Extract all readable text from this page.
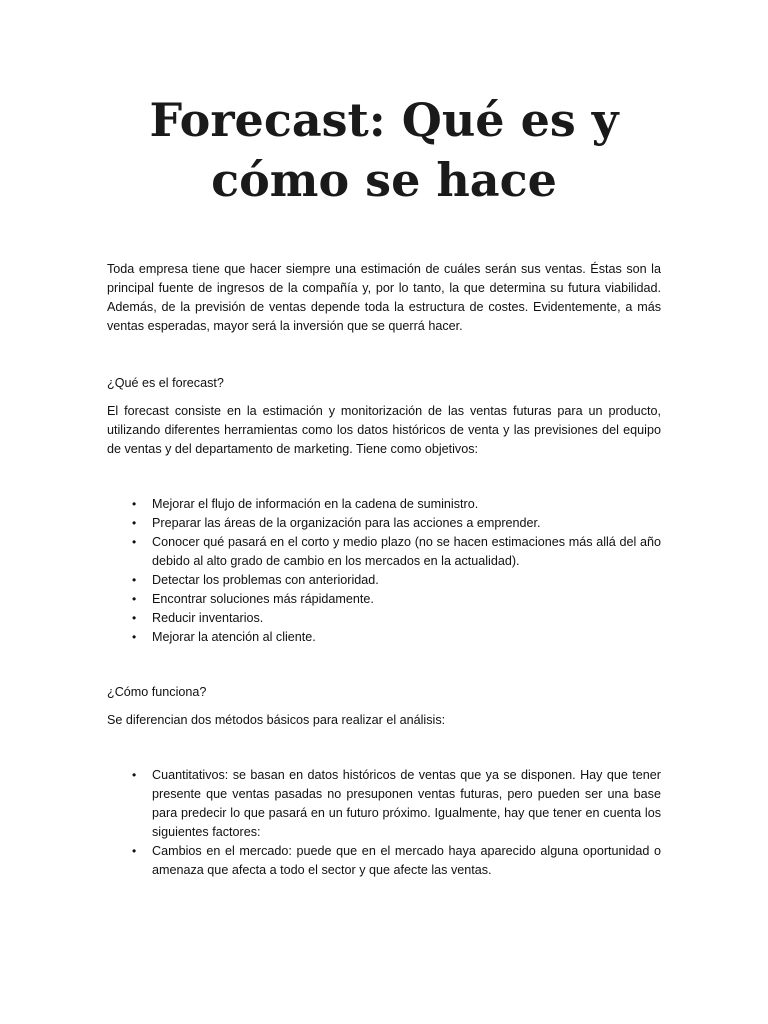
Forecast: Qué es y
cómo se hace

Toda empresa tiene que hacer siempre una estimación de cuáles serán sus ventas. Éstas son la principal fuente de ingresos de la compañía y, por lo tanto, la que determina su futura viabilidad. Además, de la previsión de ventas depende toda la estructura de costes. Evidentemente, a más ventas esperadas, mayor será la inversión que se querrá hacer.

¿Qué es el forecast?

El forecast consiste en la estimación y monitorización de las ventas futuras para un producto, utilizando diferentes herramientas como los datos históricos de venta y las previsiones del equipo de ventas y del departamento de marketing. Tiene como objetivos:

• Mejorar el flujo de información en la cadena de suministro.
• Preparar las áreas de la organización para las acciones a emprender.
• Conocer qué pasará en el corto y medio plazo (no se hacen estimaciones más allá del año debido al alto grado de cambio en los mercados en la actualidad).
• Detectar los problemas con anterioridad.
• Encontrar soluciones más rápidamente.
• Reducir inventarios.
• Mejorar la atención al cliente.

¿Cómo funciona?

Se diferencian dos métodos básicos para realizar el análisis:

• Cuantitativos: se basan en datos históricos de ventas que ya se disponen. Hay que tener presente que ventas pasadas no presuponen ventas futuras, pero pueden ser una base para predecir lo que pasará en un futuro próximo. Igualmente, hay que tener en cuenta los siguientes factores:
• Cambios en el mercado: puede que en el mercado haya aparecido alguna oportunidad o amenaza que afecta a todo el sector y que afecte las ventas.
